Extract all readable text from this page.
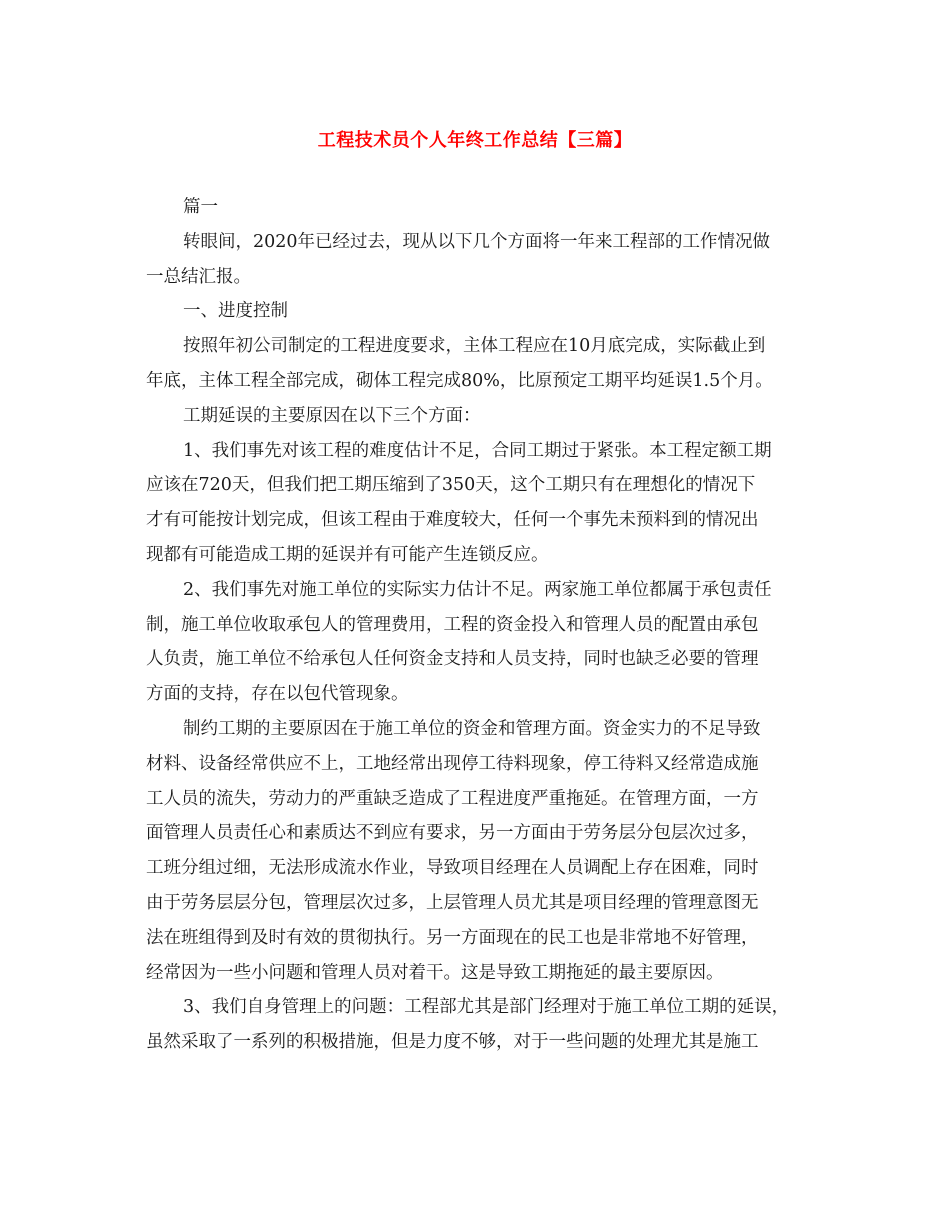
工程技术员个人年终工作总结【三篇】
篇一
转眼间，2020年已经过去，现从以下几个方面将一年来工程部的工作情况做
一总结汇报。
一、进度控制
按照年初公司制定的工程进度要求，主体工程应在10月底完成，实际截止到
年底，主体工程全部完成，砌体工程完成80%，比原预定工期平均延误1.5个月。
工期延误的主要原因在以下三个方面：
1、我们事先对该工程的难度估计不足，合同工期过于紧张。本工程定额工期
应该在720天，但我们把工期压缩到了350天，这个工期只有在理想化的情况下
才有可能按计划完成，但该工程由于难度较大，任何一个事先未预料到的情况出
现都有可能造成工期的延误并有可能产生连锁反应。
2、我们事先对施工单位的实际实力估计不足。两家施工单位都属于承包责任
制，施工单位收取承包人的管理费用，工程的资金投入和管理人员的配置由承包
人负责，施工单位不给承包人任何资金支持和人员支持，同时也缺乏必要的管理
方面的支持，存在以包代管现象。
制约工期的主要原因在于施工单位的资金和管理方面。资金实力的不足导致
材料、设备经常供应不上，工地经常出现停工待料现象，停工待料又经常造成施
工人员的流失，劳动力的严重缺乏造成了工程进度严重拖延。在管理方面，一方
面管理人员责任心和素质达不到应有要求，另一方面由于劳务层分包层次过多，
工班分组过细，无法形成流水作业，导致项目经理在人员调配上存在困难，同时
由于劳务层层分包，管理层次过多，上层管理人员尤其是项目经理的管理意图无
法在班组得到及时有效的贯彻执行。另一方面现在的民工也是非常地不好管理，
经常因为一些小问题和管理人员对着干。这是导致工期拖延的最主要原因。
3、我们自身管理上的问题：工程部尤其是部门经理对于施工单位工期的延误，
虽然采取了一系列的积极措施，但是力度不够，对于一些问题的处理尤其是施工
